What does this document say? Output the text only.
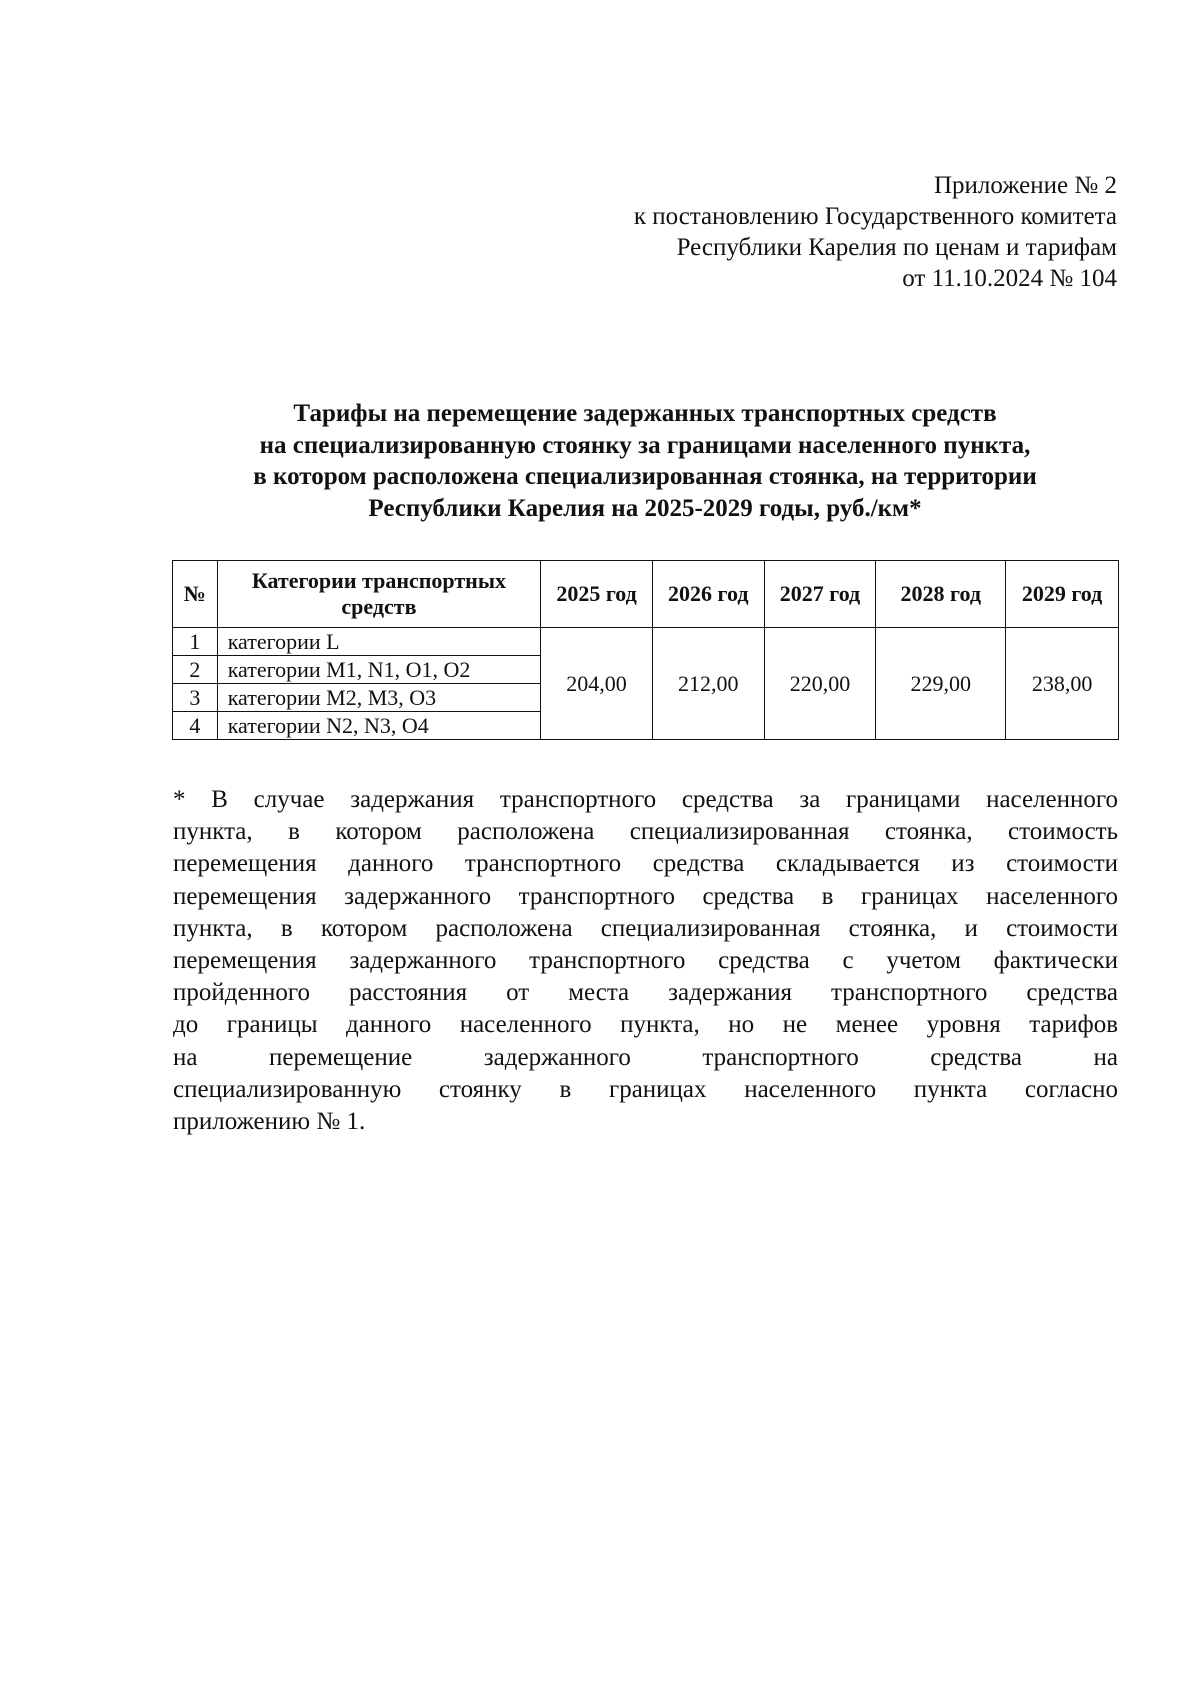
Приложение № 2
к постановлению Государственного комитета
Республики Карелия по ценам и тарифам
от 11.10.2024 № 104
Тарифы на перемещение задержанных транспортных средств
на специализированную стоянку за границами населенного пункта,
в котором расположена специализированная стоянка, на территории
Республики Карелия на 2025-2029 годы, руб./км*
№	Категории транспортных средств	2025 год	2026 год	2027 год	2028 год	2029 год
1	категории L	204,00	212,00	220,00	229,00	238,00
2	категории M1, N1, O1, O2					
3	категории M2, M3, O3					
4	категории N2, N3, O4					
* В случае задержания транспортного средства за границами населенного
пункта, в котором расположена специализированная стоянка, стоимость
перемещения данного транспортного средства складывается из стоимости
перемещения задержанного транспортного средства в границах населенного
пункта, в котором расположена специализированная стоянка, и стоимости
перемещения задержанного транспортного средства с учетом фактически
пройденного расстояния от места задержания транспортного средства
до границы данного населенного пункта, но не менее уровня тарифов
на перемещение задержанного транспортного средства на
специализированную стоянку в границах населенного пункта согласно
приложению № 1.
